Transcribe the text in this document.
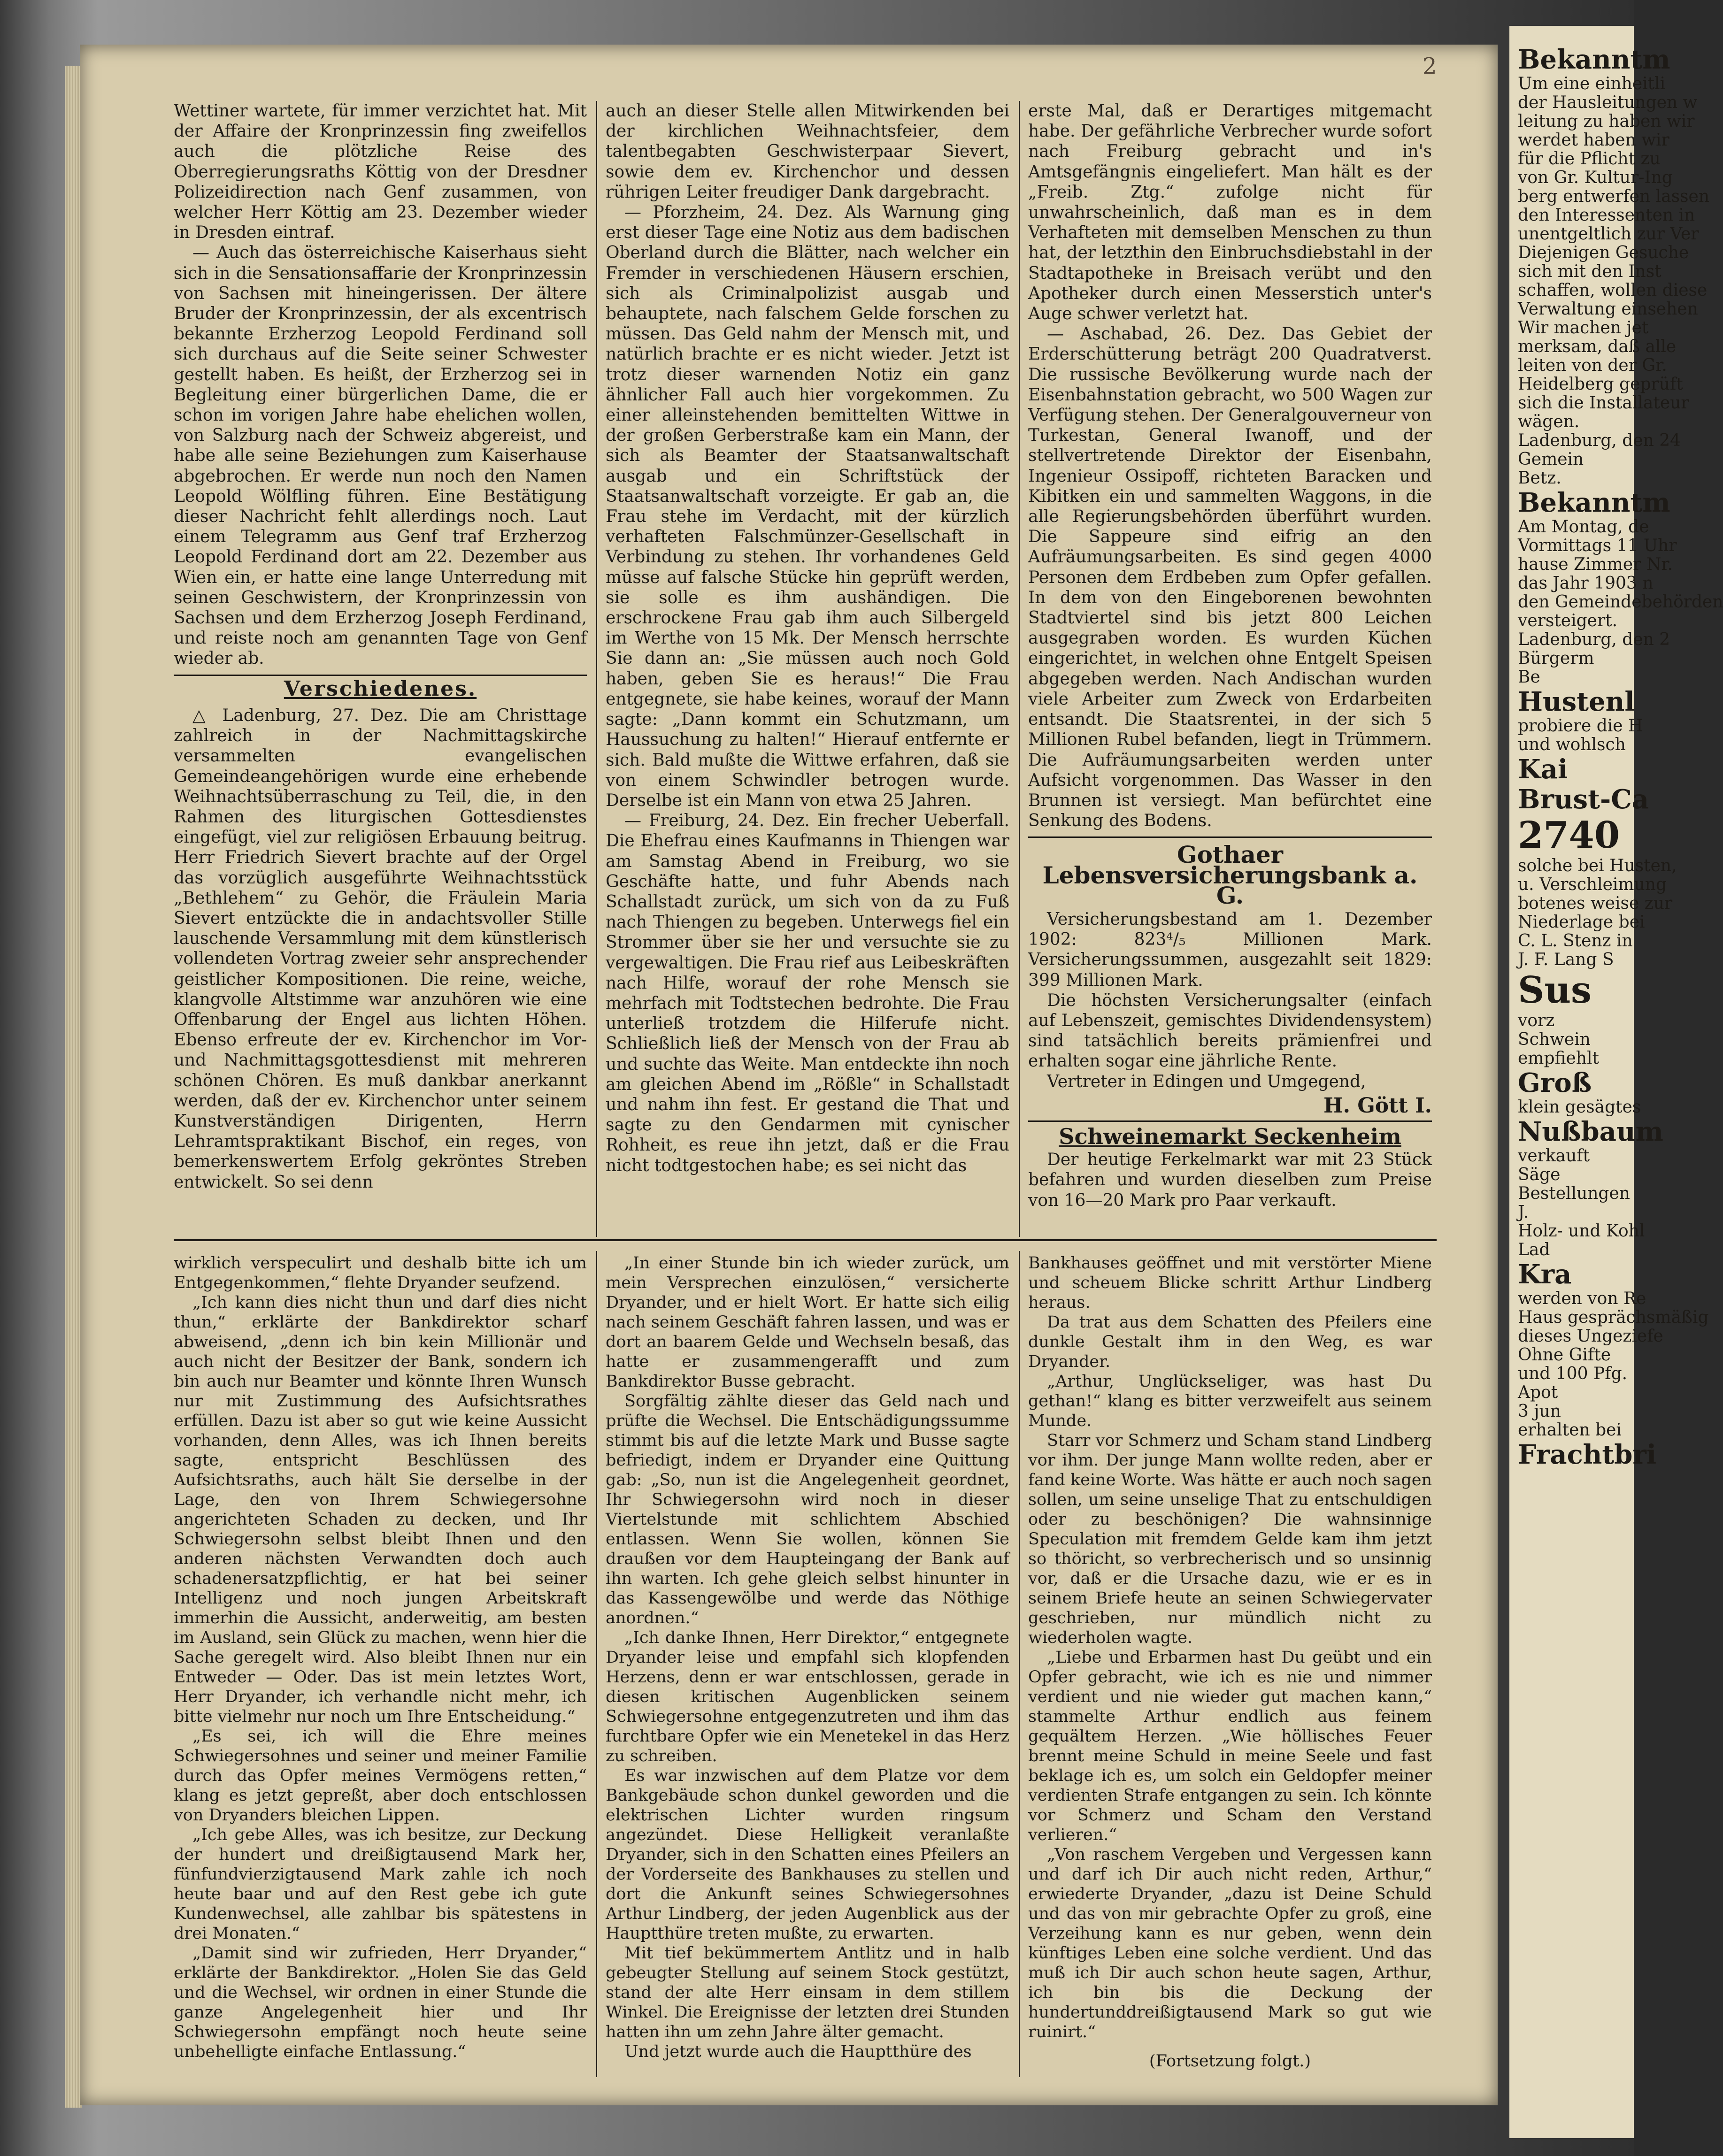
2

Wettiner wartete, für immer verzichtet hat. Mit der Affaire der Kronprinzessin fing zweifellos auch die plötzliche Reise des Oberregierungsraths Köttig von der Dresdner Polizeidirection nach Genf zusammen, von welcher Herr Köttig am 23. Dezember wieder in Dresden eintraf.

— Auch das österreichische Kaiserhaus sieht sich in die Sensationsaffarie der Kronprinzessin von Sachsen mit hineingerissen. Der ältere Bruder der Kronprinzessin, der als excentrisch bekannte Erzherzog Leopold Ferdinand soll sich durchaus auf die Seite seiner Schwester gestellt haben. Es heißt, der Erzherzog sei in Begleitung einer bürgerlichen Dame, die er schon im vorigen Jahre habe ehelichen wollen, von Salzburg nach der Schweiz abgereist, und habe alle seine Beziehungen zum Kaiserhause abgebrochen. Er werde nun noch den Namen Leopold Wölfling führen. Eine Bestätigung dieser Nachricht fehlt allerdings noch. Laut einem Telegramm aus Genf traf Erzherzog Leopold Ferdinand dort am 22. Dezember aus Wien ein, er hatte eine lange Unterredung mit seinen Geschwistern, der Kronprinzessin von Sachsen und dem Erzherzog Joseph Ferdinand, und reiste noch am genannten Tage von Genf wieder ab.

Verschiedenes.

△ Ladenburg, 27. Dez. Die am Christtage zahlreich in der Nachmittagskirche versammelten evangelischen Gemeindeangehörigen wurde eine erhebende Weihnachtsüberraschung zu Teil, die, in den Rahmen des liturgischen Gottesdienstes eingefügt, viel zur religiösen Erbauung beitrug. Herr Friedrich Sievert brachte auf der Orgel das vorzüglich ausgeführte Weihnachtsstück „Bethlehem“ zu Gehör, die Fräulein Maria Sievert entzückte die in andachtsvoller Stille lauschende Versammlung mit dem künstlerisch vollendeten Vortrag zweier sehr ansprechender geistlicher Kompositionen. Die reine, weiche, klangvolle Altstimme war anzuhören wie eine Offenbarung der Engel aus lichten Höhen. Ebenso erfreute der ev. Kirchenchor im Vor- und Nachmittagsgottesdienst mit mehreren schönen Chören. Es muß dankbar anerkannt werden, daß der ev. Kirchenchor unter seinem Kunstverständigen Dirigenten, Herrn Lehramtspraktikant Bischof, ein reges, von bemerkenswertem Erfolg gekröntes Streben entwickelt. So sei denn

auch an dieser Stelle allen Mitwirkenden bei der kirchlichen Weihnachtsfeier, dem talentbegabten Geschwisterpaar Sievert, sowie dem ev. Kirchenchor und dessen rührigen Leiter freudiger Dank dargebracht.

— Pforzheim, 24. Dez. Als Warnung ging erst dieser Tage eine Notiz aus dem badischen Oberland durch die Blätter, nach welcher ein Fremder in verschiedenen Häusern erschien, sich als Criminalpolizist ausgab und behauptete, nach falschem Gelde forschen zu müssen. Das Geld nahm der Mensch mit, und natürlich brachte er es nicht wieder. Jetzt ist trotz dieser warnenden Notiz ein ganz ähnlicher Fall auch hier vorgekommen. Zu einer alleinstehenden bemittelten Wittwe in der großen Gerberstraße kam ein Mann, der sich als Beamter der Staatsanwaltschaft ausgab und ein Schriftstück der Staatsanwaltschaft vorzeigte. Er gab an, die Frau stehe im Verdacht, mit der kürzlich verhafteten Falschmünzer-Gesellschaft in Verbindung zu stehen. Ihr vorhandenes Geld müsse auf falsche Stücke hin geprüft werden, sie solle es ihm aushändigen. Die erschrockene Frau gab ihm auch Silbergeld im Werthe von 15 Mk. Der Mensch herrschte Sie dann an: „Sie müssen auch noch Gold haben, geben Sie es heraus!“ Die Frau entgegnete, sie habe keines, worauf der Mann sagte: „Dann kommt ein Schutzmann, um Haussuchung zu halten!“ Hierauf entfernte er sich. Bald mußte die Wittwe erfahren, daß sie von einem Schwindler betrogen wurde. Derselbe ist ein Mann von etwa 25 Jahren.

— Freiburg, 24. Dez. Ein frecher Ueberfall. Die Ehefrau eines Kaufmanns in Thiengen war am Samstag Abend in Freiburg, wo sie Geschäfte hatte, und fuhr Abends nach Schallstadt zurück, um sich von da zu Fuß nach Thiengen zu begeben. Unterwegs fiel ein Strommer über sie her und versuchte sie zu vergewaltigen. Die Frau rief aus Leibeskräften nach Hilfe, worauf der rohe Mensch sie mehrfach mit Todtstechen bedrohte. Die Frau unterließ trotzdem die Hilferufe nicht. Schließlich ließ der Mensch von der Frau ab und suchte das Weite. Man entdeckte ihn noch am gleichen Abend im „Rößle“ in Schallstadt und nahm ihn fest. Er gestand die That und sagte zu den Gendarmen mit cynischer Rohheit, es reue ihn jetzt, daß er die Frau nicht todtgestochen habe; es sei nicht das

erste Mal, daß er Derartiges mitgemacht habe. Der gefährliche Verbrecher wurde sofort nach Freiburg gebracht und in's Amtsgefängnis eingeliefert. Man hält es der „Freib. Ztg.“ zufolge nicht für unwahrscheinlich, daß man es in dem Verhafteten mit demselben Menschen zu thun hat, der letzthin den Einbruchsdiebstahl in der Stadtapotheke in Breisach verübt und den Apotheker durch einen Messerstich unter's Auge schwer verletzt hat.

— Aschabad, 26. Dez. Das Gebiet der Erderschütterung beträgt 200 Quadratverst. Die russische Bevölkerung wurde nach der Eisenbahnstation gebracht, wo 500 Wagen zur Verfügung stehen. Der Generalgouverneur von Turkestan, General Iwanoff, und der stellvertretende Direktor der Eisenbahn, Ingenieur Ossipoff, richteten Baracken und Kibitken ein und sammelten Waggons, in die alle Regierungsbehörden überführt wurden. Die Sappeure sind eifrig an den Aufräumungsarbeiten. Es sind gegen 4000 Personen dem Erdbeben zum Opfer gefallen. In dem von den Eingeborenen bewohnten Stadtviertel sind bis jetzt 800 Leichen ausgegraben worden. Es wurden Küchen eingerichtet, in welchen ohne Entgelt Speisen abgegeben werden. Nach Andischan wurden viele Arbeiter zum Zweck von Erdarbeiten entsandt. Die Staatsrentei, in der sich 5 Millionen Rubel befanden, liegt in Trümmern. Die Aufräumungsarbeiten werden unter Aufsicht vorgenommen. Das Wasser in den Brunnen ist versiegt. Man befürchtet eine Senkung des Bodens.

Gothaer Lebensversicherungsbank a. G.

Versicherungsbestand am 1. Dezember 1902: 823⁴/₅ Millionen Mark. Versicherungssummen, ausgezahlt seit 1829: 399 Millionen Mark.

Die höchsten Versicherungsalter (einfach auf Lebenszeit, gemischtes Dividendensystem) sind tatsächlich bereits prämienfrei und erhalten sogar eine jährliche Rente.

Vertreter in Edingen und Umgegend,

H. Gött I.
Schweinemarkt Seckenheim

Der heutige Ferkelmarkt war mit 23 Stück befahren und wurden dieselben zum Preise von 16—20 Mark pro Paar verkauft.

wirklich verspeculirt und deshalb bitte ich um Entgegenkommen,“ flehte Dryander seufzend.

„Ich kann dies nicht thun und darf dies nicht thun,“ erklärte der Bankdirektor scharf abweisend, „denn ich bin kein Millionär und auch nicht der Besitzer der Bank, sondern ich bin auch nur Beamter und könnte Ihren Wunsch nur mit Zustimmung des Aufsichtsrathes erfüllen. Dazu ist aber so gut wie keine Aussicht vorhanden, denn Alles, was ich Ihnen bereits sagte, entspricht Beschlüssen des Aufsichtsraths, auch hält Sie derselbe in der Lage, den von Ihrem Schwiegersohne angerichteten Schaden zu decken, und Ihr Schwiegersohn selbst bleibt Ihnen und den anderen nächsten Verwandten doch auch schadenersatzpflichtig, er hat bei seiner Intelligenz und noch jungen Arbeitskraft immerhin die Aussicht, anderweitig, am besten im Ausland, sein Glück zu machen, wenn hier die Sache geregelt wird. Also bleibt Ihnen nur ein Entweder — Oder. Das ist mein letztes Wort, Herr Dryander, ich verhandle nicht mehr, ich bitte vielmehr nur noch um Ihre Entscheidung.“

„Es sei, ich will die Ehre meines Schwiegersohnes und seiner und meiner Familie durch das Opfer meines Vermögens retten,“ klang es jetzt gepreßt, aber doch entschlossen von Dryanders bleichen Lippen.

„Ich gebe Alles, was ich besitze, zur Deckung der hundert und dreißigtausend Mark her, fünfundvierzigtausend Mark zahle ich noch heute baar und auf den Rest gebe ich gute Kundenwechsel, alle zahlbar bis spätestens in drei Monaten.“

„Damit sind wir zufrieden, Herr Dryander,“ erklärte der Bankdirektor. „Holen Sie das Geld und die Wechsel, wir ordnen in einer Stunde die ganze Angelegenheit hier und Ihr Schwiegersohn empfängt noch heute seine unbehelligte einfache Entlassung.“

„In einer Stunde bin ich wieder zurück, um mein Versprechen einzulösen,“ versicherte Dryander, und er hielt Wort. Er hatte sich eilig nach seinem Geschäft fahren lassen, und was er dort an baarem Gelde und Wechseln besaß, das hatte er zusammengerafft und zum Bankdirektor Busse gebracht.

Sorgfältig zählte dieser das Geld nach und prüfte die Wechsel. Die Entschädigungssumme stimmt bis auf die letzte Mark und Busse sagte befriedigt, indem er Dryander eine Quittung gab: „So, nun ist die Angelegenheit geordnet, Ihr Schwiegersohn wird noch in dieser Viertelstunde mit schlichtem Abschied entlassen. Wenn Sie wollen, können Sie draußen vor dem Haupteingang der Bank auf ihn warten. Ich gehe gleich selbst hinunter in das Kassengewölbe und werde das Nöthige anordnen.“

„Ich danke Ihnen, Herr Direktor,“ entgegnete Dryander leise und empfahl sich klopfenden Herzens, denn er war entschlossen, gerade in diesen kritischen Augenblicken seinem Schwiegersohne entgegenzutreten und ihm das furchtbare Opfer wie ein Menetekel in das Herz zu schreiben.

Es war inzwischen auf dem Platze vor dem Bankgebäude schon dunkel geworden und die elektrischen Lichter wurden ringsum angezündet. Diese Helligkeit veranlaßte Dryander, sich in den Schatten eines Pfeilers an der Vorderseite des Bankhauses zu stellen und dort die Ankunft seines Schwiegersohnes Arthur Lindberg, der jeden Augenblick aus der Hauptthüre treten mußte, zu erwarten.

Mit tief bekümmertem Antlitz und in halb gebeugter Stellung auf seinem Stock gestützt, stand der alte Herr einsam in dem stillem Winkel. Die Ereignisse der letzten drei Stunden hatten ihn um zehn Jahre älter gemacht.

Und jetzt wurde auch die Hauptthüre des

Bankhauses geöffnet und mit verstörter Miene und scheuem Blicke schritt Arthur Lindberg heraus.

Da trat aus dem Schatten des Pfeilers eine dunkle Gestalt ihm in den Weg, es war Dryander.

„Arthur, Unglückseliger, was hast Du gethan!“ klang es bitter verzweifelt aus seinem Munde.

Starr vor Schmerz und Scham stand Lindberg vor ihm. Der junge Mann wollte reden, aber er fand keine Worte. Was hätte er auch noch sagen sollen, um seine unselige That zu entschuldigen oder zu beschönigen? Die wahnsinnige Speculation mit fremdem Gelde kam ihm jetzt so thöricht, so verbrecherisch und so unsinnig vor, daß er die Ursache dazu, wie er es in seinem Briefe heute an seinen Schwiegervater geschrieben, nur mündlich nicht zu wiederholen wagte.

„Liebe und Erbarmen hast Du geübt und ein Opfer gebracht, wie ich es nie und nimmer verdient und nie wieder gut machen kann,“ stammelte Arthur endlich aus feinem gequältem Herzen. „Wie höllisches Feuer brennt meine Schuld in meine Seele und fast beklage ich es, um solch ein Geldopfer meiner verdienten Strafe entgangen zu sein. Ich könnte vor Schmerz und Scham den Verstand verlieren.“

„Von raschem Vergeben und Vergessen kann und darf ich Dir auch nicht reden, Arthur,“ erwiederte Dryander, „dazu ist Deine Schuld und das von mir gebrachte Opfer zu groß, eine Verzeihung kann es nur geben, wenn dein künftiges Leben eine solche verdient. Und das muß ich Dir auch schon heute sagen, Arthur, ich bin bis die Deckung der hundertunddreißigtausend Mark so gut wie ruinirt.“

(Fortsetzung folgt.)
Bekanntm
Um eine einheitli
der Hausleitungen w
leitung zu haben wir
werdet haben wir
für die Pflicht zu
von Gr. Kultur-Ing
berg entwerfen lassen
den Interessenten in
unentgeltlich zur Ver
Diejenigen Gesuche
sich mit den Inst
schaffen, wollen diese
Verwaltung einsehen
Wir machen jet
merksam, daß alle
leiten von der Gr.
Heidelberg geprüft
sich die Installateur
wägen.
Ladenburg, den 24
Gemein
Betz.
Bekanntm
Am Montag, de
Vormittags 11 Uhr
hause Zimmer Nr.
das Jahr 1903 n
den Gemeindebehörden
versteigert.
Ladenburg, den 2
Bürgerm
Be
Hustenl
probiere die H
und wohlsch
Kai
Brust-Ca
2740
solche bei Husten,
u. Verschleimung
botenes weise zur
Niederlage bei
C. L. Stenz in
J. F. Lang S
Sus
vorz
Schwein
empfiehlt
Groß
klein gesägtes
Nußbaum
verkauft
Säge
Bestellungen
J.
Holz- und Kohl
Lad
Kra
werden von Re
Haus gesprächsmäßig
dieses Ungeziefe
Ohne Gifte
und 100 Pfg.
Apot
3 jun
erhalten bei
Frachtbri
